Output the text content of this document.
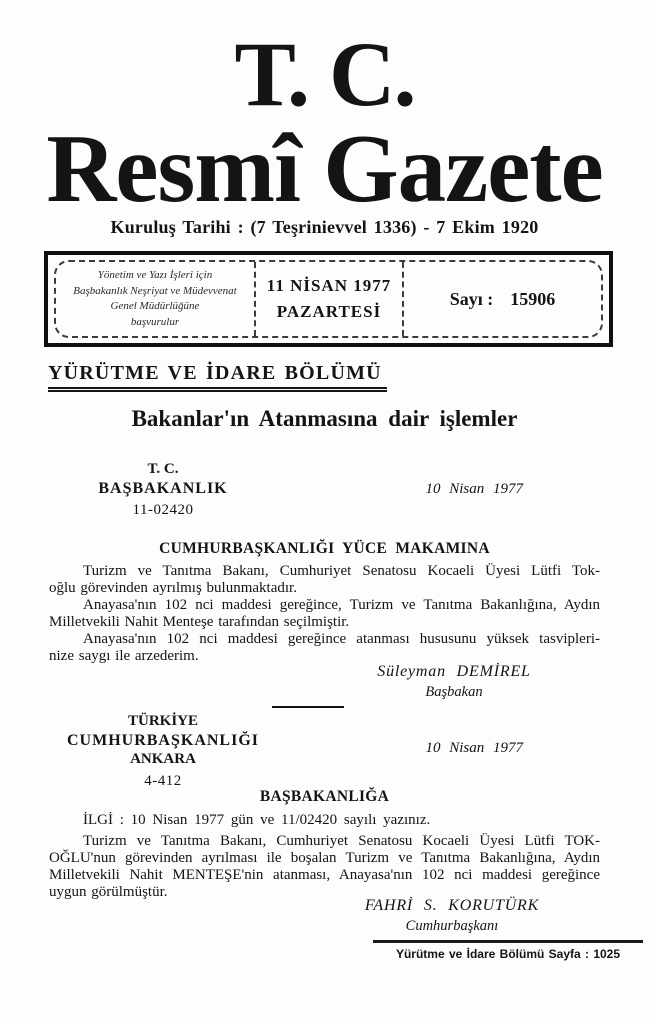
T. C.
Resmî Gazete
Kuruluş Tarihi : (7 Teşrinievvel 1336) - 7 Ekim 1920
Yönetim ve Yazı İşleri için
Başbakanlık Neşriyat ve Müdevvenat
Genel Müdürlüğüne
başvurulur
11 NİSAN 1977
PAZARTESİ
Sayı : 15906
YÜRÜTME VE İDARE BÖLÜMÜ
Bakanlar'ın Atanmasına dair işlemler
T. C.
BAŞBAKANLIK
11-02420
10 Nisan 1977
CUMHURBAŞKANLIĞI YÜCE MAKAMINA
Turizm ve Tanıtma Bakanı, Cumhuriyet Senatosu Kocaeli Üyesi Lütfi Tok-
oğlu görevinden ayrılmış bulunmaktadır.
Anayasa'nın 102 nci maddesi gereğince, Turizm ve Tanıtma Bakanlığına, Aydın
Milletvekili Nahit Menteşe tarafından seçilmiştir.
Anayasa'nın 102 nci maddesi gereğince atanması hususunu yüksek tasvipleri-
nize saygı ile arzederim.
Süleyman DEMİREL
Başbakan
TÜRKİYE
CUMHURBAŞKANLIĞI
ANKARA
4-412
10 Nisan 1977
BAŞBAKANLIĞA
İLGİ : 10 Nisan 1977 gün ve 11/02420 sayılı yazınız.
Turizm ve Tanıtma Bakanı, Cumhuriyet Senatosu Kocaeli Üyesi Lütfi TOK-
OĞLU'nun görevinden ayrılması ile boşalan Turizm ve Tanıtma Bakanlığına, Aydın
Milletvekili Nahit MENTEŞE'nin atanması, Anayasa'nın 102 nci maddesi gereğince
uygun görülmüştür.
FAHRİ S. KORUTÜRK
Cumhurbaşkanı
Yürütme ve İdare Bölümü Sayfa : 1025
